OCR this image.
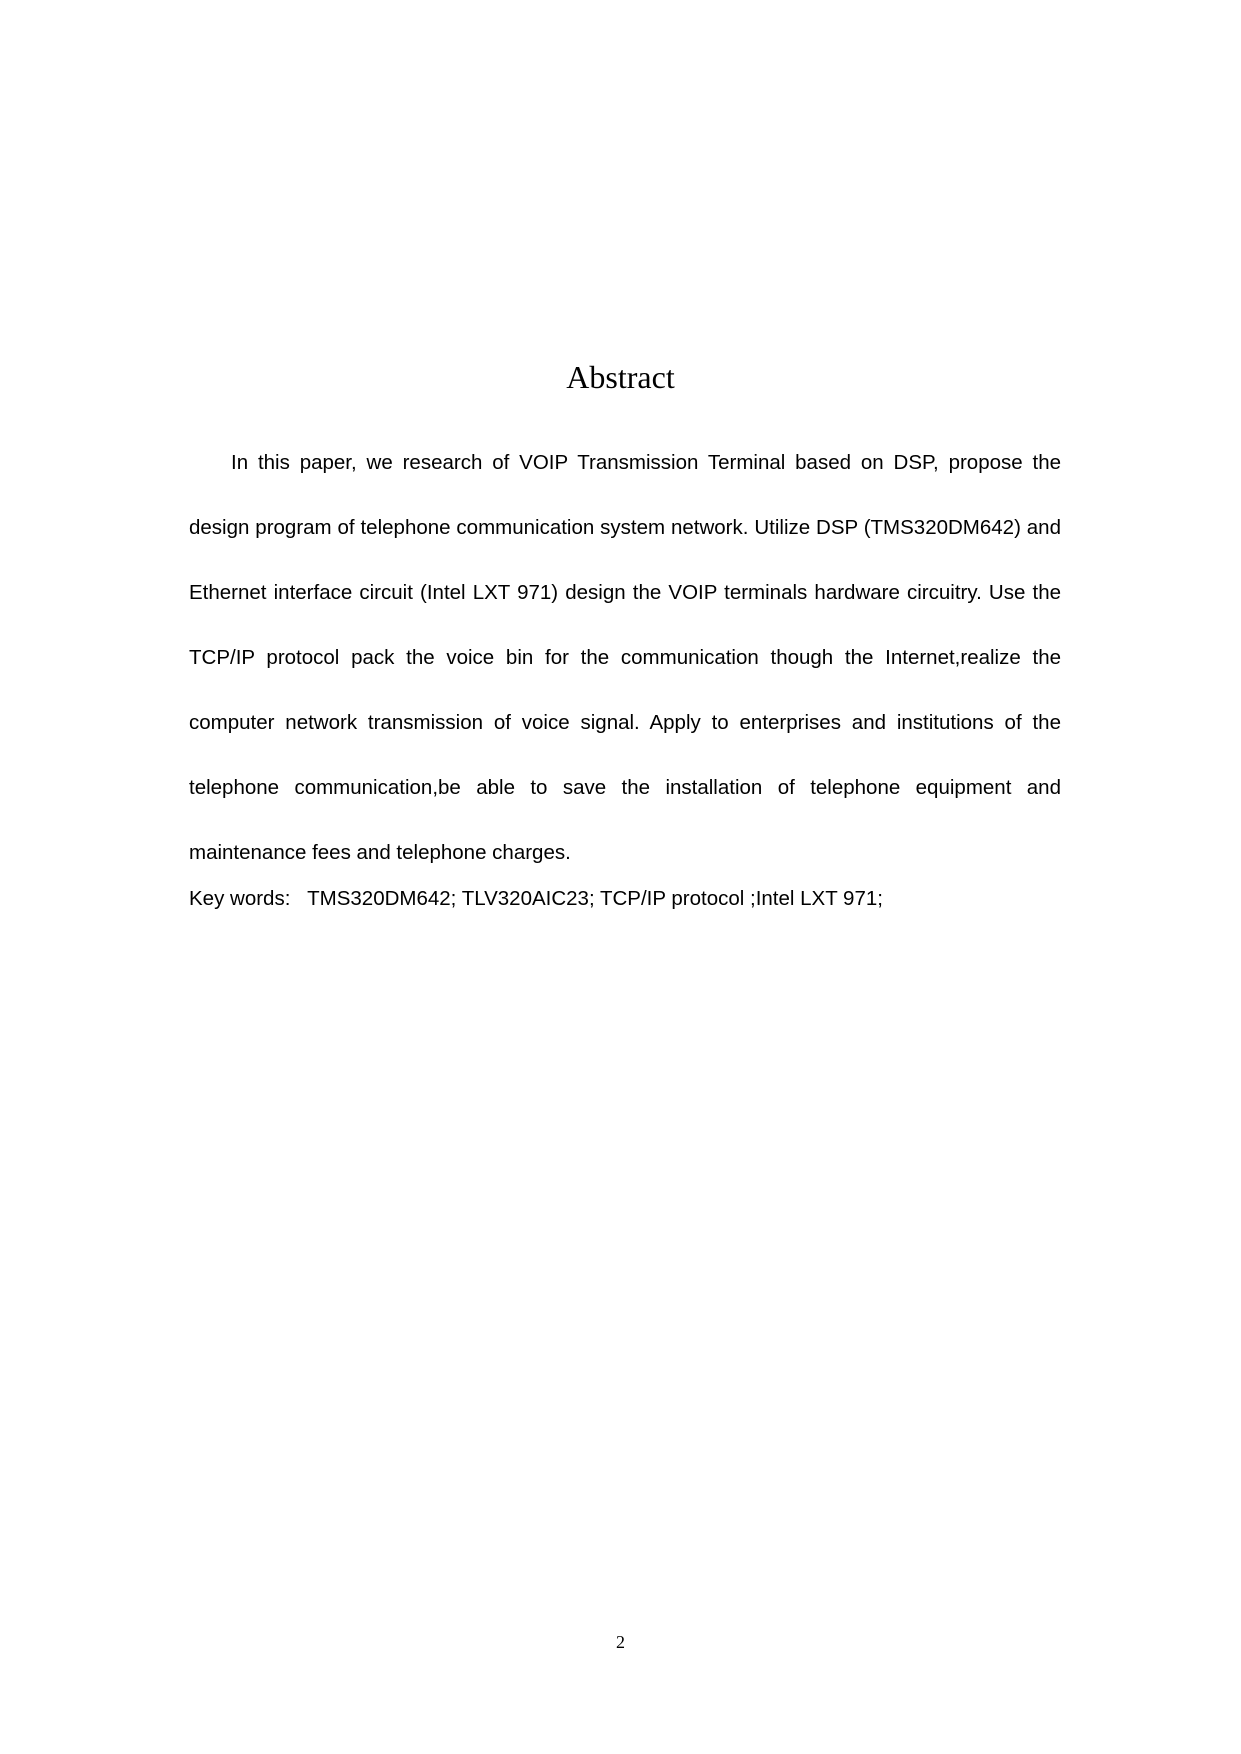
Abstract

In this paper, we research of VOIP Transmission Terminal based on DSP, propose the design program of telephone communication system network. Utilize DSP (TMS320DM642) and Ethernet interface circuit (Intel LXT 971) design the VOIP terminals hardware circuitry. Use the TCP/IP protocol pack the voice bin for the communication though the Internet,realize the computer network transmission of voice signal. Apply to enterprises and institutions of the telephone communication,be able to save the installation of telephone equipment and maintenance fees and telephone charges.

Key words: TMS320DM642; TLV320AIC23; TCP/IP protocol ;Intel LXT 971;

2
